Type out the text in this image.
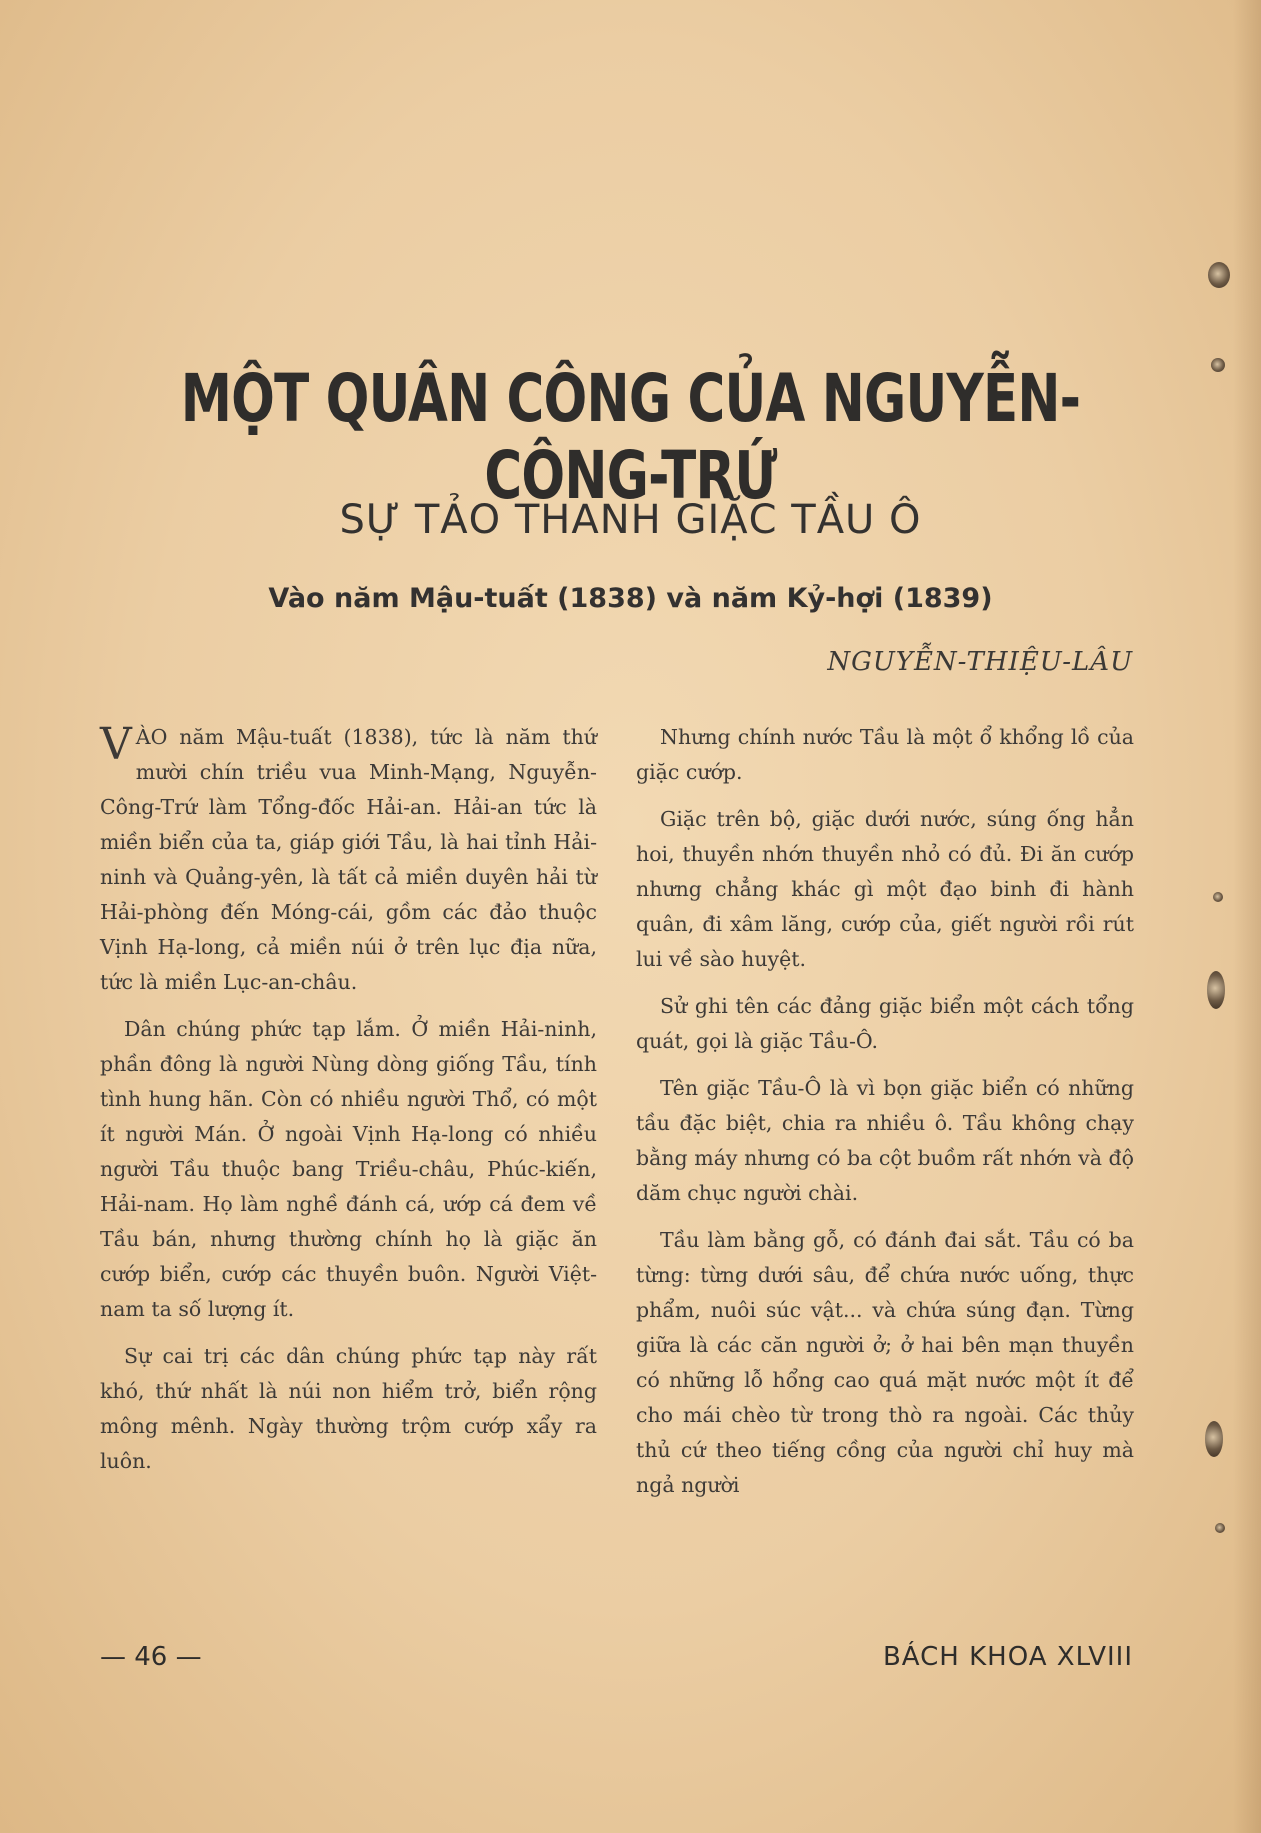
MỘT QUÂN CÔNG CỦA NGUYỄN-CÔNG-TRỨ
SỰ TẢO THANH GIẶC TẦU Ô
Vào năm Mậu-tuất (1838) và năm Kỷ-hợi (1839)
NGUYỄN-THIỆU-LÂU

VÀO năm Mậu-tuất (1838), tức là năm thứ mười chín triều vua Minh-Mạng, Nguyễn-Công-Trứ làm Tổng-đốc Hải-an. Hải-an tức là miền biển của ta, giáp giới Tầu, là hai tỉnh Hải-ninh và Quảng-yên, là tất cả miền duyên hải từ Hải-phòng đến Móng-cái, gồm các đảo thuộc Vịnh Hạ-long, cả miền núi ở trên lục địa nữa, tức là miền Lục-an-châu.

Dân chúng phức tạp lắm. Ở miền Hải-ninh, phần đông là người Nùng dòng giống Tầu, tính tình hung hãn. Còn có nhiều người Thổ, có một ít người Mán. Ở ngoài Vịnh Hạ-long có nhiều người Tầu thuộc bang Triều-châu, Phúc-kiến, Hải-nam. Họ làm nghề đánh cá, ướp cá đem về Tầu bán, nhưng thường chính họ là giặc ăn cướp biển, cướp các thuyền buôn. Người Việt-nam ta số lượng ít.

Sự cai trị các dân chúng phức tạp này rất khó, thứ nhất là núi non hiểm trở, biển rộng mông mênh. Ngày thường trộm cướp xẩy ra luôn.

Nhưng chính nước Tầu là một ổ khổng lồ của giặc cướp.

Giặc trên bộ, giặc dưới nước, súng ống hẳn hoi, thuyền nhớn thuyền nhỏ có đủ. Đi ăn cướp nhưng chẳng khác gì một đạo binh đi hành quân, đi xâm lăng, cướp của, giết người rồi rút lui về sào huyệt.

Sử ghi tên các đảng giặc biển một cách tổng quát, gọi là giặc Tầu-Ô.

Tên giặc Tầu-Ô là vì bọn giặc biển có những tầu đặc biệt, chia ra nhiều ô. Tầu không chạy bằng máy nhưng có ba cột buồm rất nhớn và độ dăm chục người chài.

Tầu làm bằng gỗ, có đánh đai sắt. Tầu có ba từng: từng dưới sâu, để chứa nước uống, thực phẩm, nuôi súc vật... và chứa súng đạn. Từng giữa là các căn người ở; ở hai bên mạn thuyền có những lỗ hổng cao quá mặt nước một ít để cho mái chèo từ trong thò ra ngoài. Các thủy thủ cứ theo tiếng cồng của người chỉ huy mà ngả người

— 46 —	BÁCH KHOA XLVIII
